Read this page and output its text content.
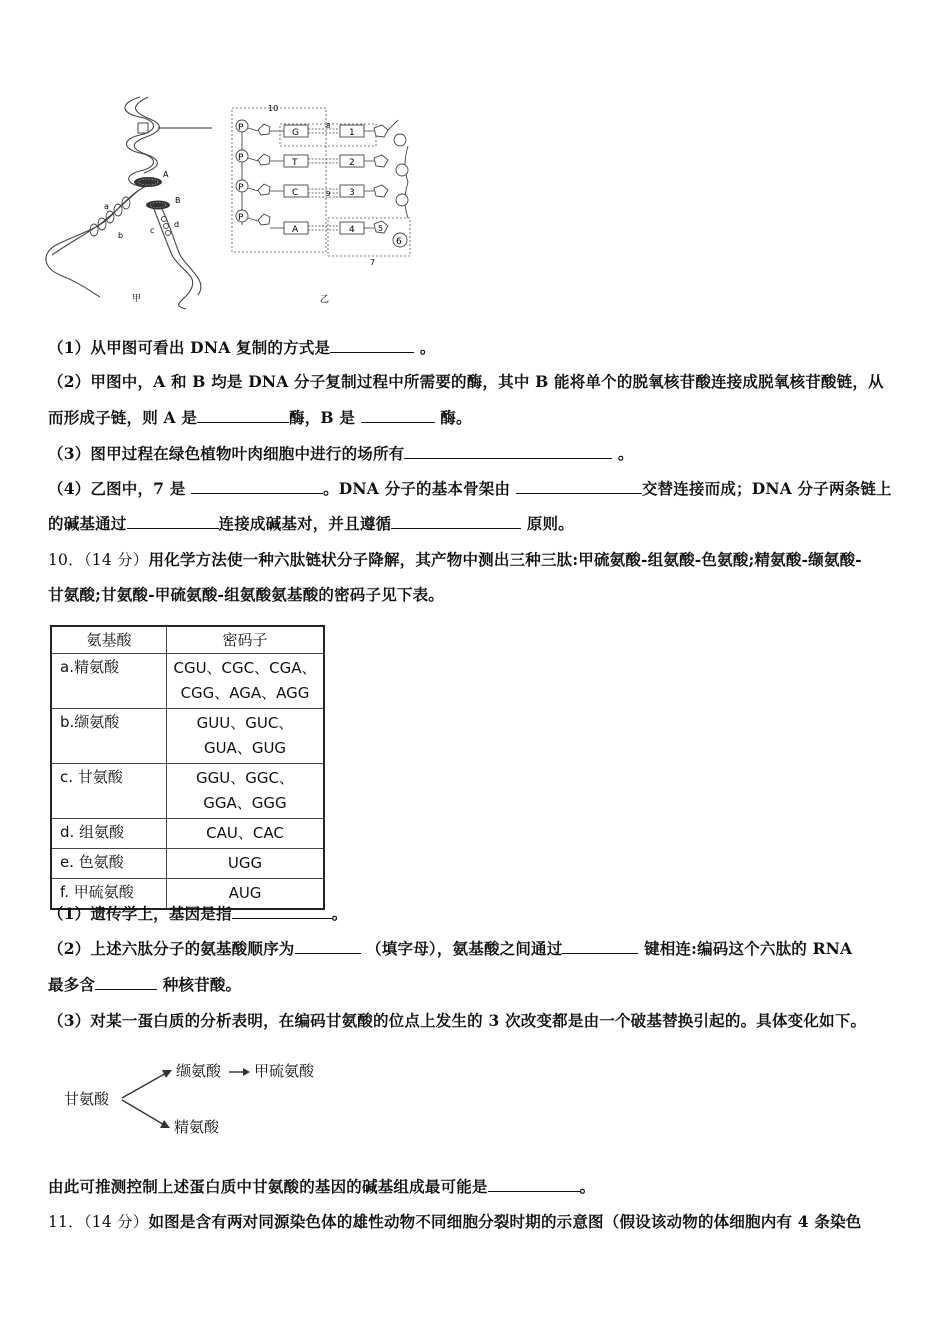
A
B
a
b
c
d
甲
10
8
7
P	G	1
P	T	2
P	C	9 3
P
A	4	5
6
乙
（1）从甲图可看出 DNA 复制的方式是	。
（2）甲图中，A 和 B 均是 DNA 分子复制过程中所需要的酶，其中 B 能将单个的脱氧核苷酸连接成脱氧核苷酸链，从
而形成子链，则 A 是	酶，B 是	酶。
（3）图甲过程在绿色植物叶肉细胞中进行的场所有	。
（4）乙图中，7 是	。DNA 分子的基本骨架由	交替连接而成；DNA 分子两条链上
的碱基通过	连接成碱基对，并且遵循	原则。
10．（14 分）用化学方法使一种六肽链状分子降解，其产物中测出三种三肽:甲硫氨酸-组氨酸-色氨酸;精氨酸-缬氨酸-
甘氨酸;甘氨酸-甲硫氨酸-组氨酸氨基酸的密码子见下表。
氨基酸	密码子
a.精氨酸	CGU、CGC、CGA、
CGG、AGA、AGG

b.缬氨酸	GUU、GUC、
GUA、GUG

c. 甘氨酸	GGU、GGC、
GGA、GGG

d. 组氨酸	CAU、CAC
e. 色氨酸	UGG
f. 甲硫氨酸	AUG
（1）遗传学上，基因是指	。
（2）上述六肽分子的氨基酸顺序为	（填字母），氨基酸之间通过	键相连:编码这个六肽的 RNA
最多含	种核苷酸。
（3）对某一蛋白质的分析表明，在编码甘氨酸的位点上发生的 3 次改变都是由一个破基替换引起的。具体变化如下。
甘氨酸
缬氨酸 甲硫氨酸
精氨酸
由此可推测控制上述蛋白质中甘氨酸的基因的碱基组成最可能是	。
11．（14 分）如图是含有两对同源染色体的雄性动物不同细胞分裂时期的示意图（假设该动物的体细胞内有 4 条染色
